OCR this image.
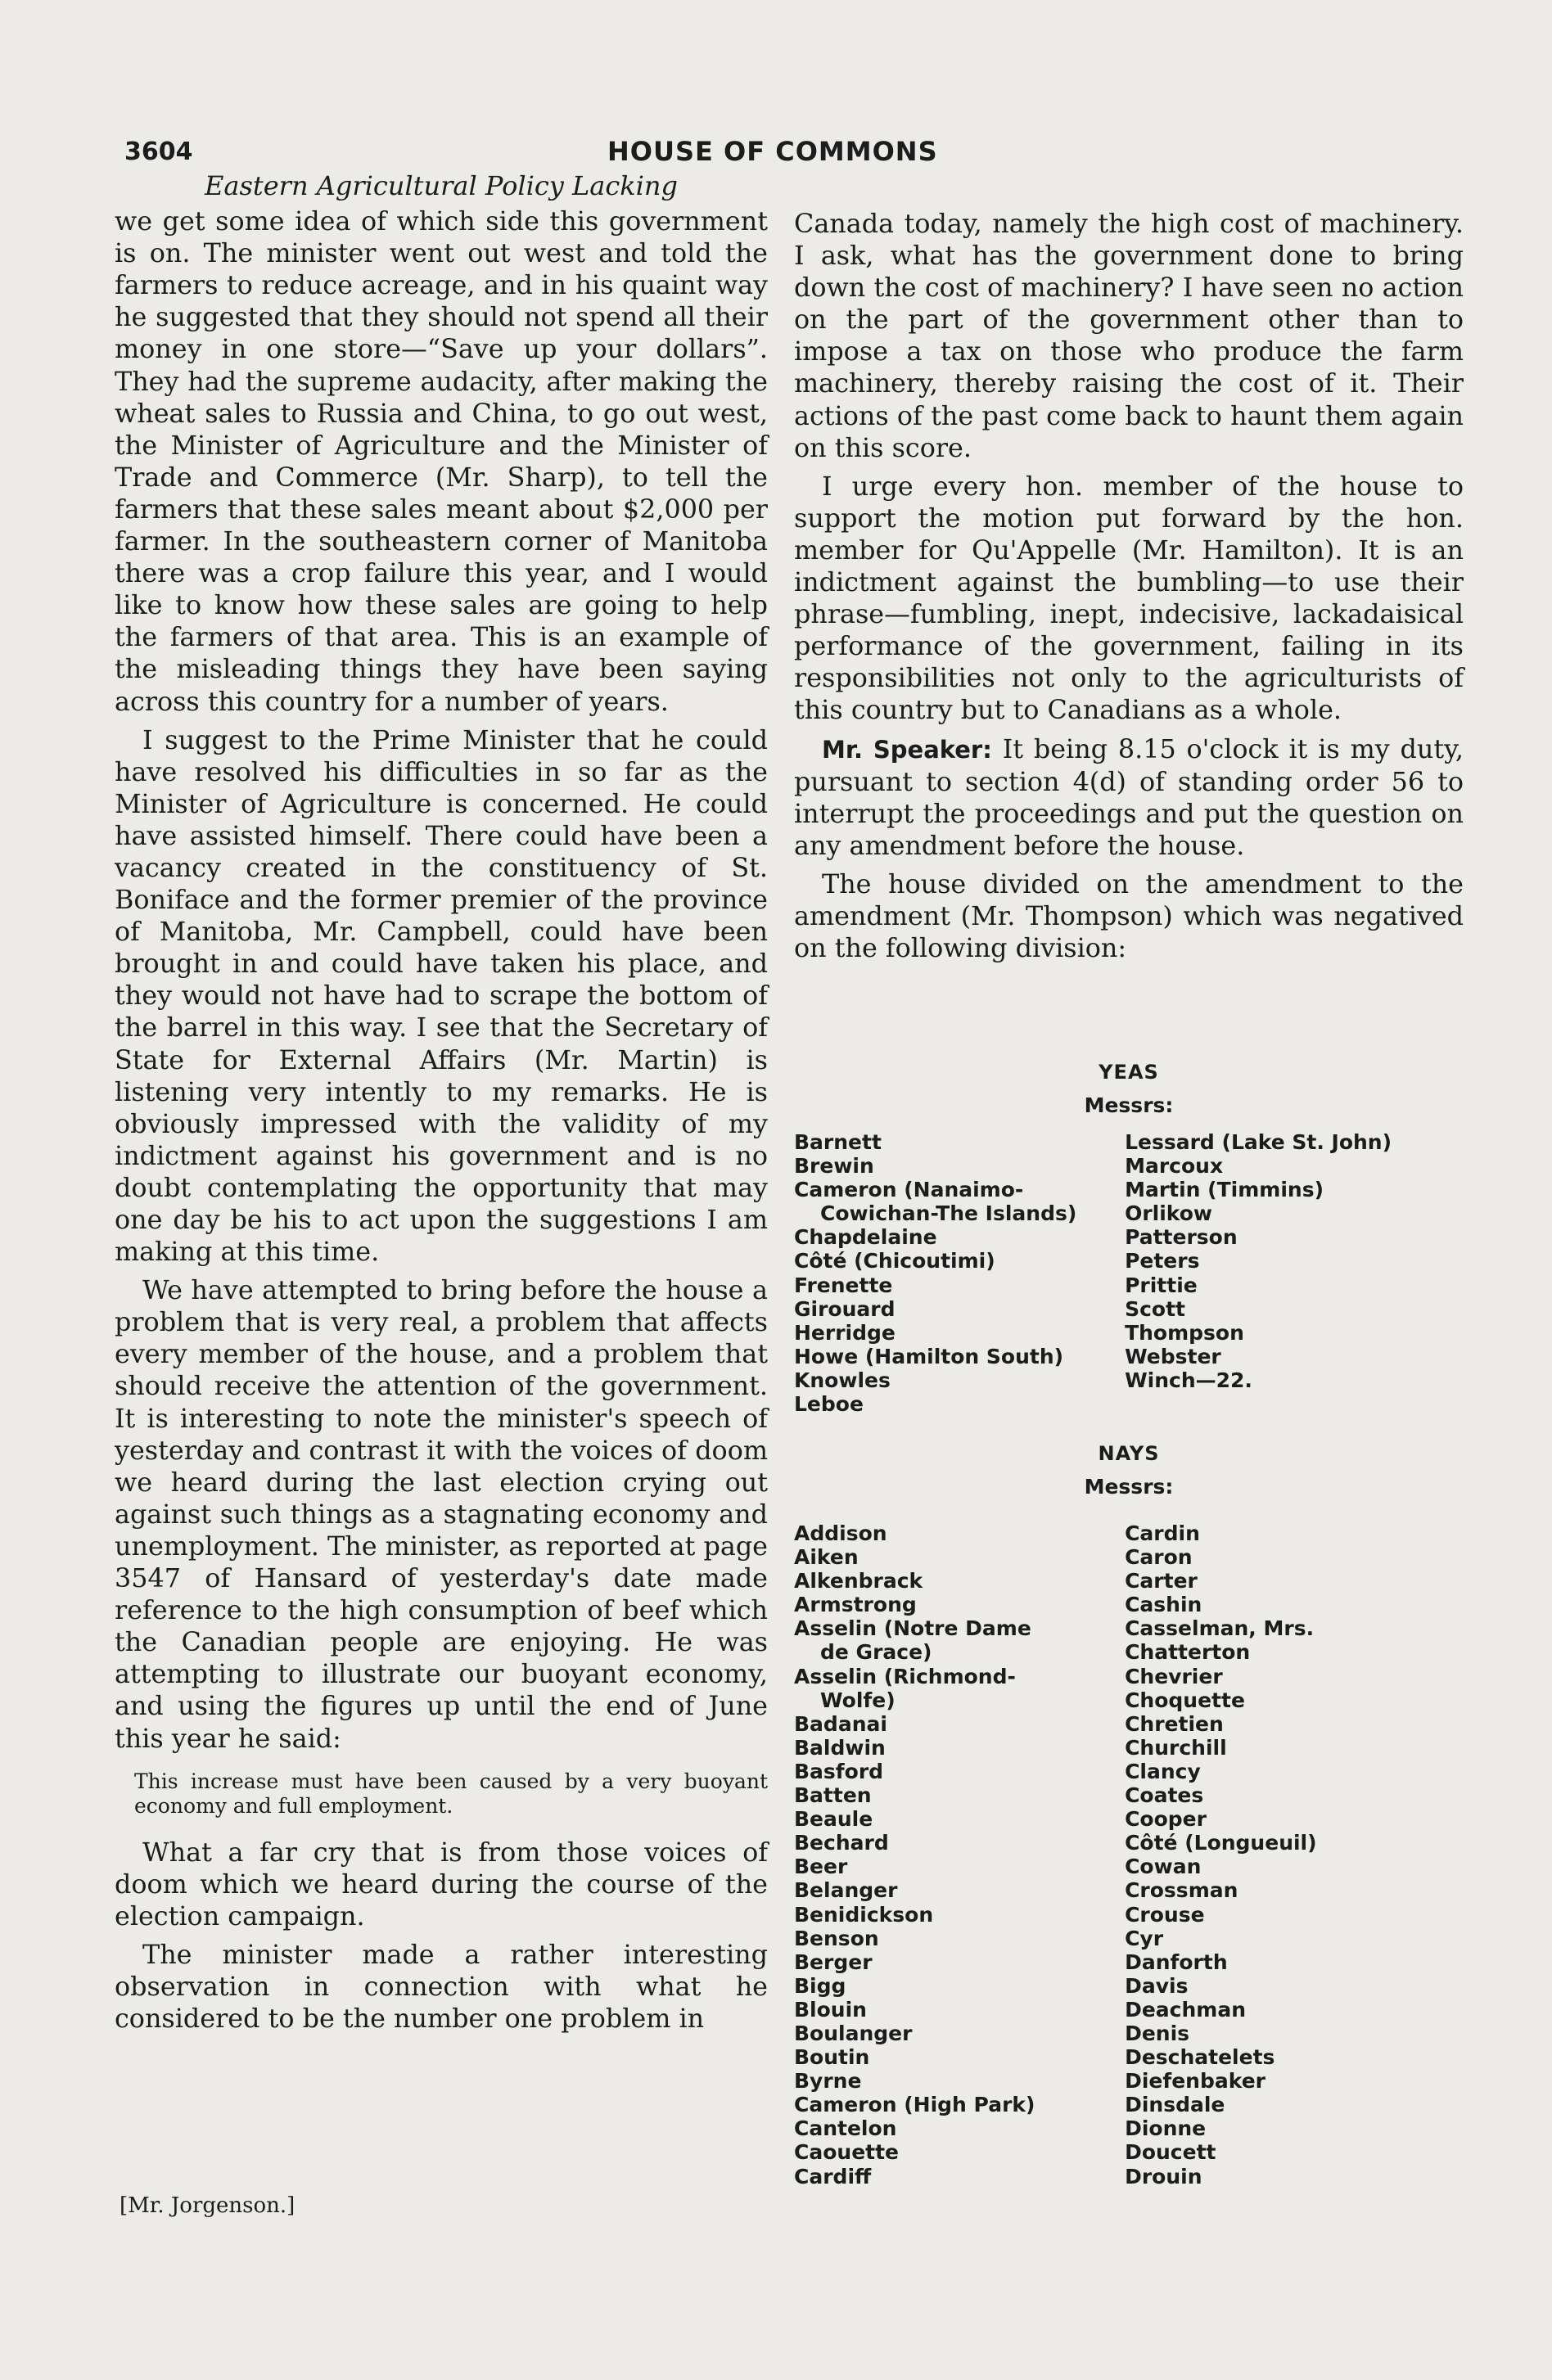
3604	HOUSE OF COMMONS
Eastern Agricultural Policy Lacking

we get some idea of which side this government is on. The minister went out west and told the farmers to reduce acreage, and in his quaint way he suggested that they should not spend all their money in one store—“Save up your dollars”. They had the supreme audacity, after making the wheat sales to Russia and China, to go out west, the Minister of Agriculture and the Minister of Trade and Commerce (Mr. Sharp), to tell the farmers that these sales meant about $2,000 per farmer. In the southeastern corner of Manitoba there was a crop failure this year, and I would like to know how these sales are going to help the farmers of that area. This is an example of the misleading things they have been saying across this country for a number of years.

I suggest to the Prime Minister that he could have resolved his difficulties in so far as the Minister of Agriculture is concerned. He could have assisted himself. There could have been a vacancy created in the constituency of St. Boniface and the former premier of the province of Manitoba, Mr. Campbell, could have been brought in and could have taken his place, and they would not have had to scrape the bottom of the barrel in this way. I see that the Secretary of State for External Affairs (Mr. Martin) is listening very intently to my remarks. He is obviously impressed with the validity of my indictment against his government and is no doubt contemplating the opportunity that may one day be his to act upon the suggestions I am making at this time.

We have attempted to bring before the house a problem that is very real, a problem that affects every member of the house, and a problem that should receive the attention of the government. It is interesting to note the minister's speech of yesterday and contrast it with the voices of doom we heard during the last election crying out against such things as a stagnating economy and unemployment. The minister, as reported at page 3547 of Hansard of yesterday's date made reference to the high consumption of beef which the Canadian people are enjoying. He was attempting to illustrate our buoyant economy, and using the figures up until the end of June this year he said:

This increase must have been caused by a very buoyant economy and full employment.

What a far cry that is from those voices of doom which we heard during the course of the election campaign.

The minister made a rather interesting observation in connection with what he considered to be the number one problem in

[Mr. Jorgenson.]

Canada today, namely the high cost of machinery. I ask, what has the government done to bring down the cost of machinery? I have seen no action on the part of the government other than to impose a tax on those who produce the farm machinery, thereby raising the cost of it. Their actions of the past come back to haunt them again on this score.

I urge every hon. member of the house to support the motion put forward by the hon. member for Qu'Appelle (Mr. Hamilton). It is an indictment against the bumbling—to use their phrase—fumbling, inept, indecisive, lackadaisical performance of the government, failing in its responsibilities not only to the agriculturists of this country but to Canadians as a whole.

Mr. Speaker: It being 8.15 o'clock it is my duty, pursuant to section 4(d) of standing order 56 to interrupt the proceedings and put the question on any amendment before the house.

The house divided on the amendment to the amendment (Mr. Thompson) which was negatived on the following division:

YEAS
Messrs:
Barnett
Brewin
Cameron (Nanaimo-
Cowichan-The Islands)
Chapdelaine
Côté (Chicoutimi)
Frenette
Girouard
Herridge
Howe (Hamilton South)
Knowles
Leboe
Lessard (Lake St. John)
Marcoux
Martin (Timmins)
Orlikow
Patterson
Peters
Prittie
Scott
Thompson
Webster
Winch—22.
NAYS
Messrs:
Addison
Aiken
Alkenbrack
Armstrong
Asselin (Notre Dame
de Grace)
Asselin (Richmond-
Wolfe)
Badanai
Baldwin
Basford
Batten
Beaule
Bechard
Beer
Belanger
Benidickson
Benson
Berger
Bigg
Blouin
Boulanger
Boutin
Byrne
Cameron (High Park)
Cantelon
Caouette
Cardiff
Cardin
Caron
Carter
Cashin
Casselman, Mrs.
Chatterton
Chevrier
Choquette
Chretien
Churchill
Clancy
Coates
Cooper
Côté (Longueuil)
Cowan
Crossman
Crouse
Cyr
Danforth
Davis
Deachman
Denis
Deschatelets
Diefenbaker
Dinsdale
Dionne
Doucett
Drouin
